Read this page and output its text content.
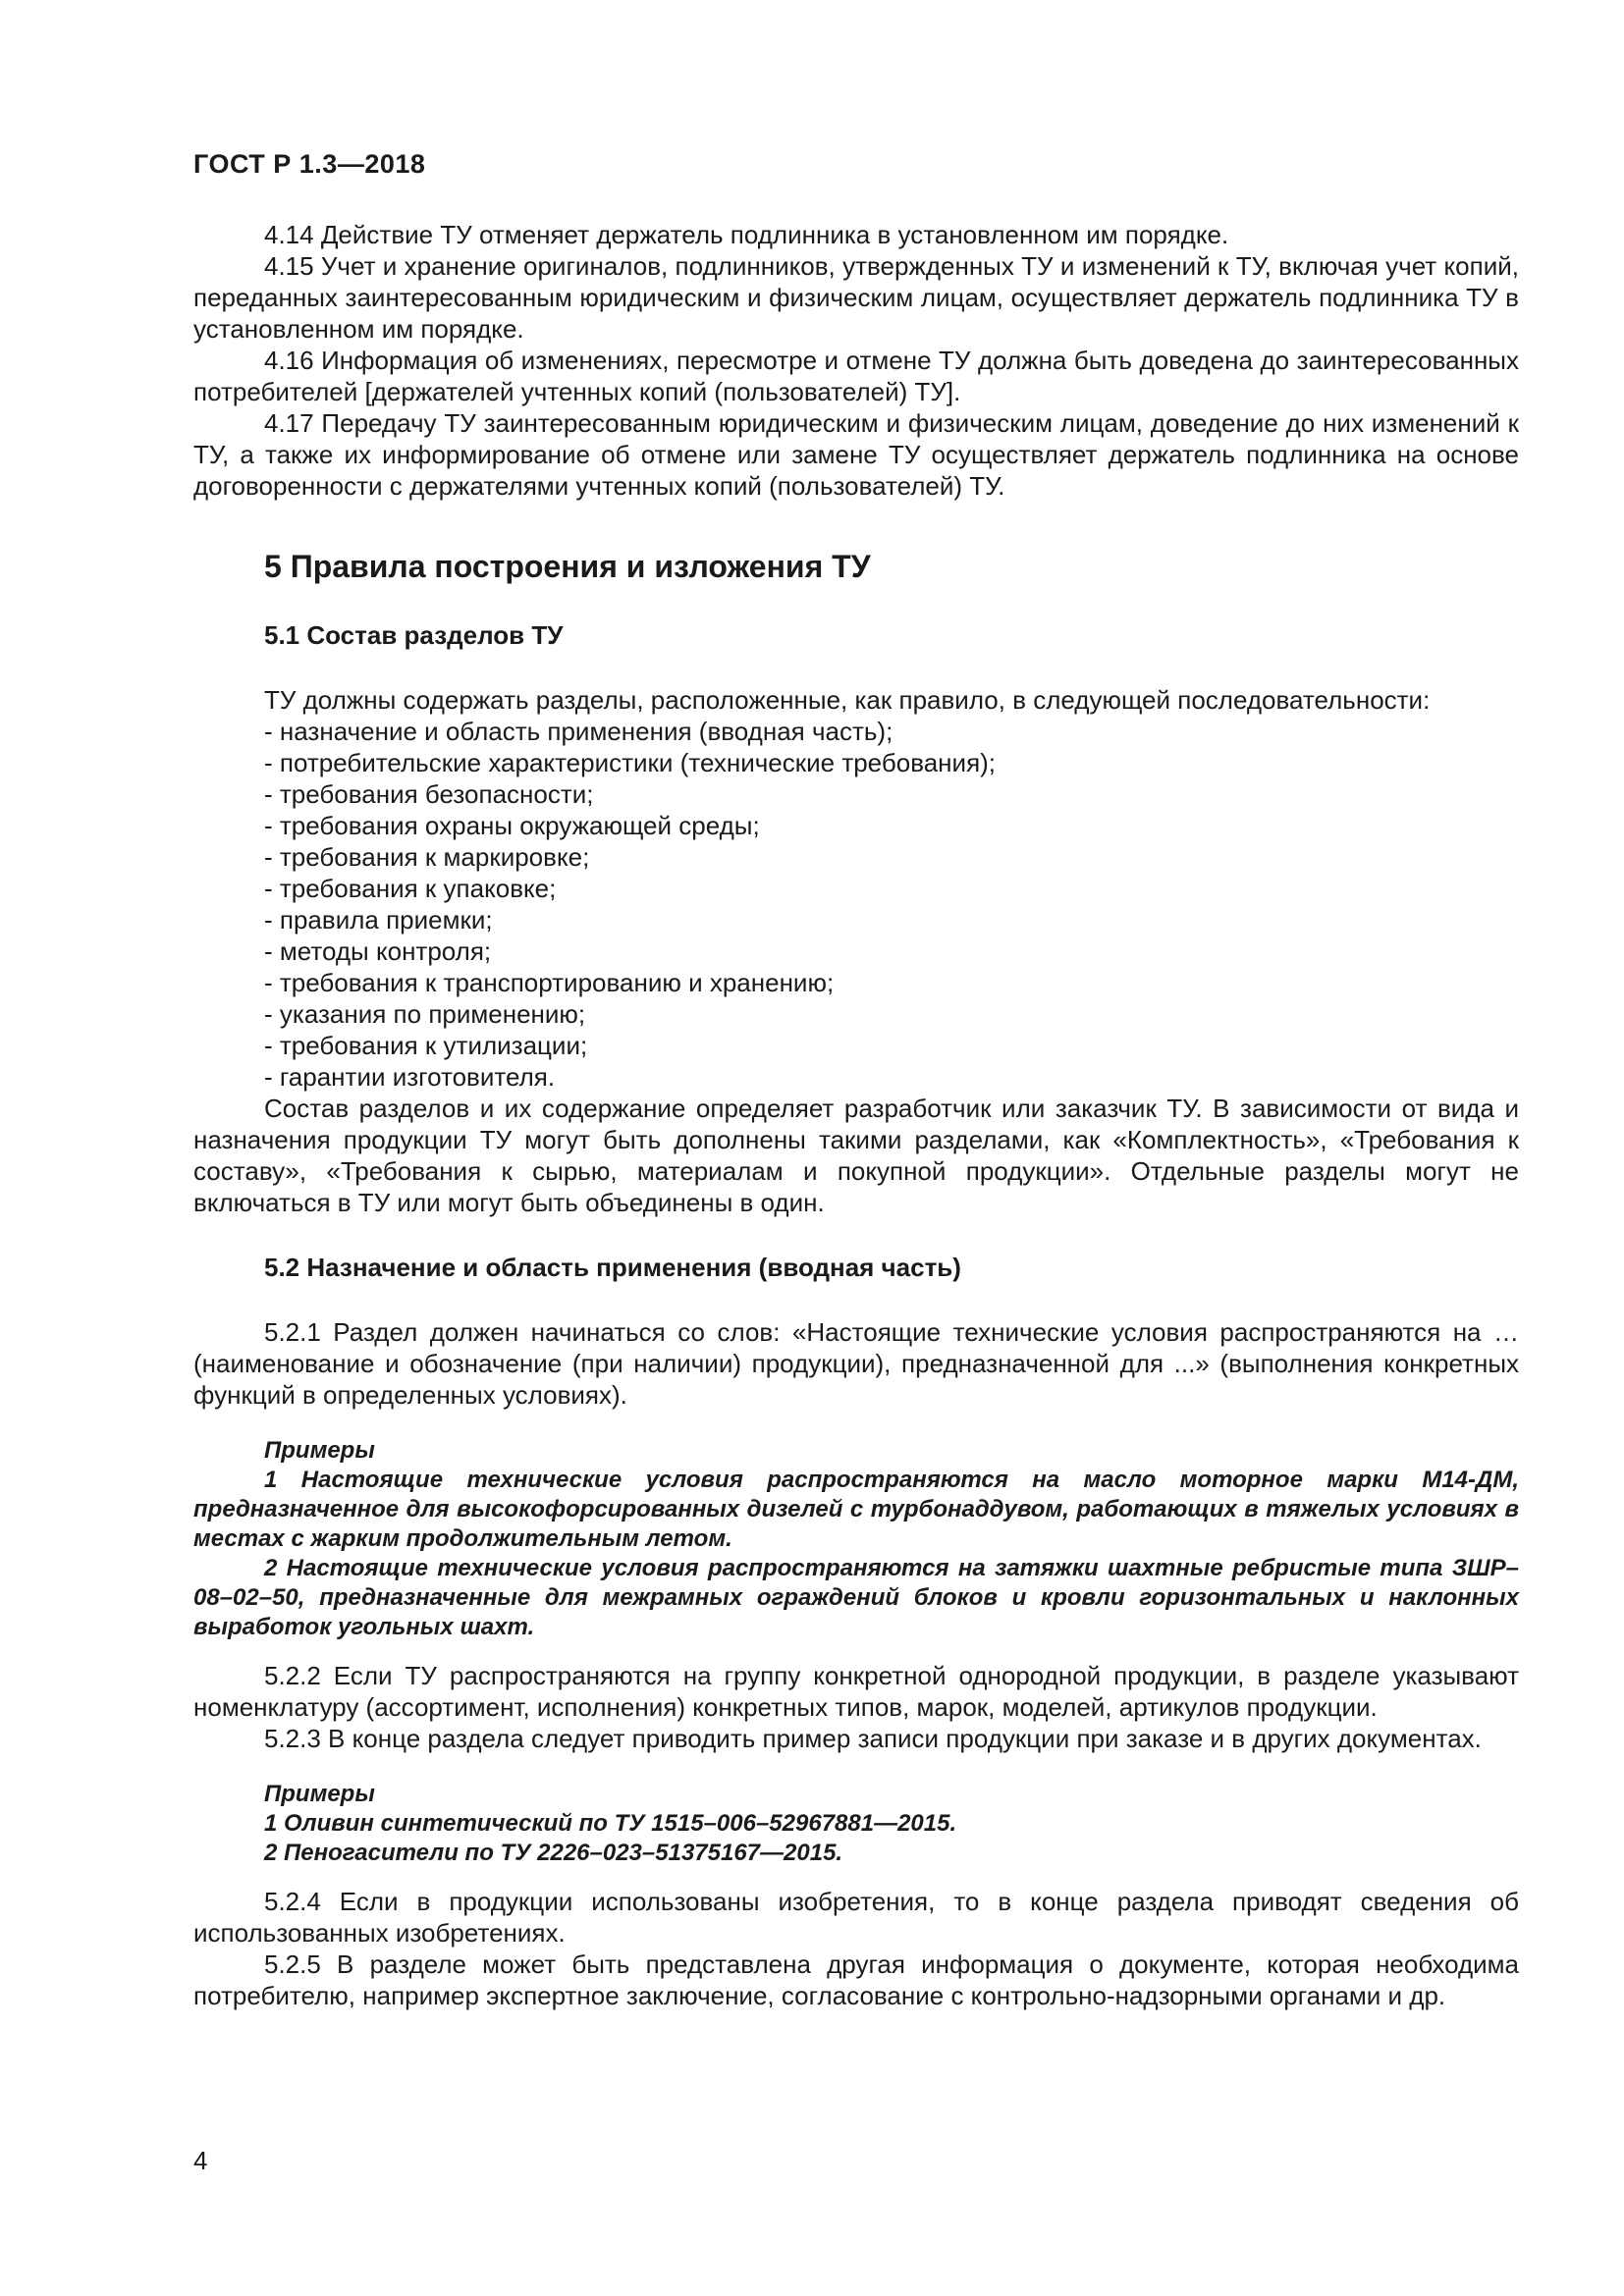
ГОСТ Р 1.3—2018

4.14 Действие ТУ отменяет держатель подлинника в установленном им порядке.

4.15 Учет и хранение оригиналов, подлинников, утвержденных ТУ и изменений к ТУ, включая учет копий, переданных заинтересованным юридическим и физическим лицам, осуществляет держатель подлинника ТУ в установленном им порядке.

4.16 Информация об изменениях, пересмотре и отмене ТУ должна быть доведена до заинтересованных потребителей [держателей учтенных копий (пользователей) ТУ].

4.17 Передачу ТУ заинтересованным юридическим и физическим лицам, доведение до них изменений к ТУ, а также их информирование об отмене или замене ТУ осуществляет держатель подлинника на основе договоренности с держателями учтенных копий (пользователей) ТУ.

5 Правила построения и изложения ТУ
5.1 Состав разделов ТУ

ТУ должны содержать разделы, расположенные, как правило, в следующей последовательности:

- назначение и область применения (вводная часть);
- потребительские характеристики (технические требования);
- требования безопасности;
- требования охраны окружающей среды;
- требования к маркировке;
- требования к упаковке;
- правила приемки;
- методы контроля;
- требования к транспортированию и хранению;
- указания по применению;
- требования к утилизации;
- гарантии изготовителя.

Состав разделов и их содержание определяет разработчик или заказчик ТУ. В зависимости от вида и назначения продукции ТУ могут быть дополнены такими разделами, как «Комплектность», «Требования к составу», «Требования к сырью, материалам и покупной продукции». Отдельные разделы могут не включаться в ТУ или могут быть объединены в один.

5.2 Назначение и область применения (вводная часть)

5.2.1 Раздел должен начинаться со слов: «Настоящие технические условия распространяются на …(наименование и обозначение (при наличии) продукции), предназначенной для ...» (выполнения конкретных функций в определенных условиях).

Примеры

1 Настоящие технические условия распространяются на масло моторное марки М14-ДМ, предназначенное для высокофорсированных дизелей с турбонаддувом, работающих в тяжелых условиях в местах с жарким продолжительным летом.

2 Настоящие технические условия распространяются на затяжки шахтные ребристые типа ЗШР–08–02–50, предназначенные для межрамных ограждений блоков и кровли горизонтальных и наклонных выработок угольных шахт.

5.2.2 Если ТУ распространяются на группу конкретной однородной продукции, в разделе указывают номенклатуру (ассортимент, исполнения) конкретных типов, марок, моделей, артикулов продукции.

5.2.3 В конце раздела следует приводить пример записи продукции при заказе и в других документах.

Примеры

1 Оливин синтетический по ТУ 1515–006–52967881—2015.

2 Пеногасители по ТУ 2226–023–51375167—2015.

5.2.4 Если в продукции использованы изобретения, то в конце раздела приводят сведения об использованных изобретениях.

5.2.5 В разделе может быть представлена другая информация о документе, которая необходима потребителю, например экспертное заключение, согласование с контрольно-надзорными органами и др.

4
